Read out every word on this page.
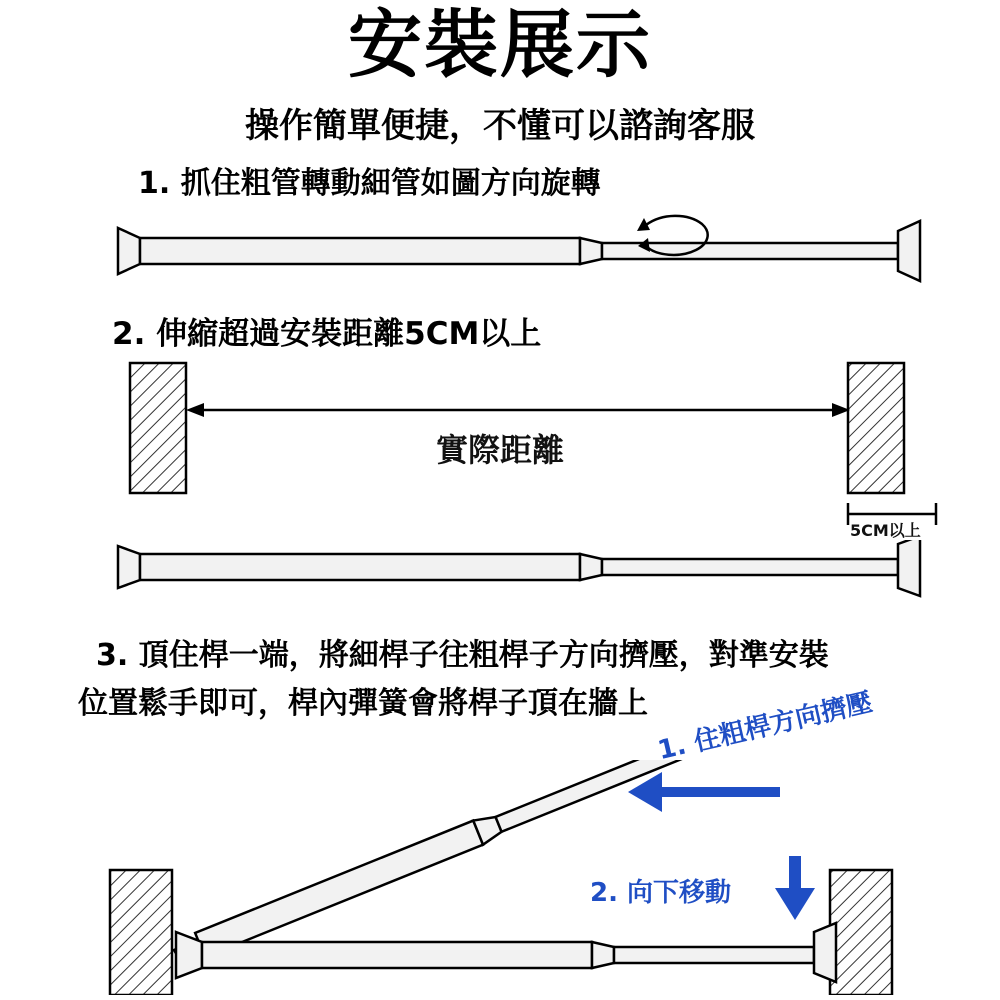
安裝展示
操作簡單便捷，不懂可以諮詢客服
1. 抓住粗管轉動細管如圖方向旋轉
2. 伸縮超過安裝距離5CM以上
實際距離
5CM以上
3. 頂住桿一端，將細桿子往粗桿子方向擠壓，對準安裝
位置鬆手即可，桿內彈簧會將桿子頂在牆上 1. 住粗桿方向擠壓
2. 向下移動
